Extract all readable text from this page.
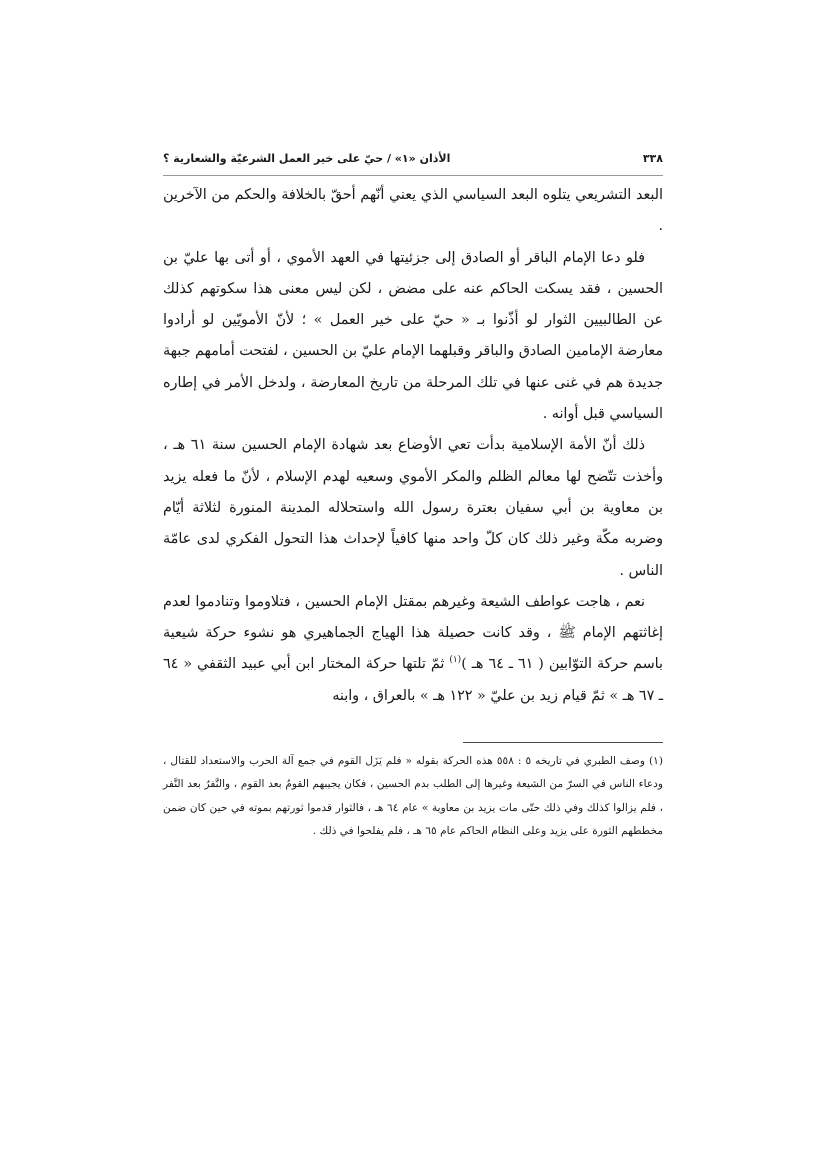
٣٣٨
الأذان «١» / حيّ على خير العمل الشرعيّة والشعارية ؟

البعد التشريعي يتلوه البعد السياسي الذي يعني أنّهم أحقّ بالخلافة والحكم من الآخرين .

فلو دعا الإمام الباقر أو الصادق إلى جزئيتها في العهد الأموي ، أو أتى بها عليّ بن الحسين ، فقد يسكت الحاكم عنه على مضض ، لكن ليس معنى هذا سكوتهم كذلك عن الطالبيين الثوار لو أذّنوا بـ « حيّ على خير العمل » ؛ لأنّ الأمويّين لو أرادوا معارضة الإمامين الصادق والباقر وقبلهما الإمام عليّ بن الحسين ، لفتحت أمامهم جبهة جديدة هم في غنى عنها في تلك المرحلة من تاريخ المعارضة ، ولدخل الأمر في إطاره السياسي قبل أوانه .

ذلك أنّ الأمة الإسلامية بدأت تعي الأوضاع بعد شهادة الإمام الحسين سنة ٦١ هـ ، وأخذت تتّضح لها معالم الظلم والمكر الأموي وسعيه لهدم الإسلام ، لأنّ ما فعله يزيد بن معاوية بن أبي سفيان بعترة رسول الله واستحلاله المدينة المنورة لثلاثة أيّام وضربه مكّة وغير ذلك كان كلّ واحد منها كافياً لإحداث هذا التحول الفكري لدى عامّة الناس .

نعم ، هاجت عواطف الشيعة وغيرهم بمقتل الإمام الحسين ، فتلاوموا وتنادموا لعدم إغاثتهم الإمام ﷺ ، وقد كانت حصيلة هذا الهياج الجماهيري هو نشوء حركة شيعية باسم حركة التوّابين ( ٦١ ـ ٦٤ هـ )$^{(١)}$ ثمّ تلتها حركة المختار ابن أبي عبيد الثقفي « ٦٤ ـ ٦٧ هـ » ثمّ قيام زيد بن عليّ « ١٢٢ هـ » بالعراق ، وابنه

(١) وصف الطبري في تاريخه ٥ : ٥٥٨ هذه الحركة بقوله « فلم يَزَل القوم في جمع آلة الحرب والاستعداد للقتال ، ودعاء الناس في السرّ من الشيعة وغيرها إلى الطلب بدم الحسين ، فكان يجيبهم القومُ بعد القوم ، والنَّفرُ بعد النَّفر ، فلم يزالوا كذلك وفي ذلك حتّى مات يزيد بن معاوية » عام ٦٤ هـ ، فالثوار قدموا ثورتهم بموته في حين كان ضمن مخططهم الثورة على يزيد وعلى النظام الحاكم عام ٦٥ هـ ، فلم يفلحوا في ذلك .
